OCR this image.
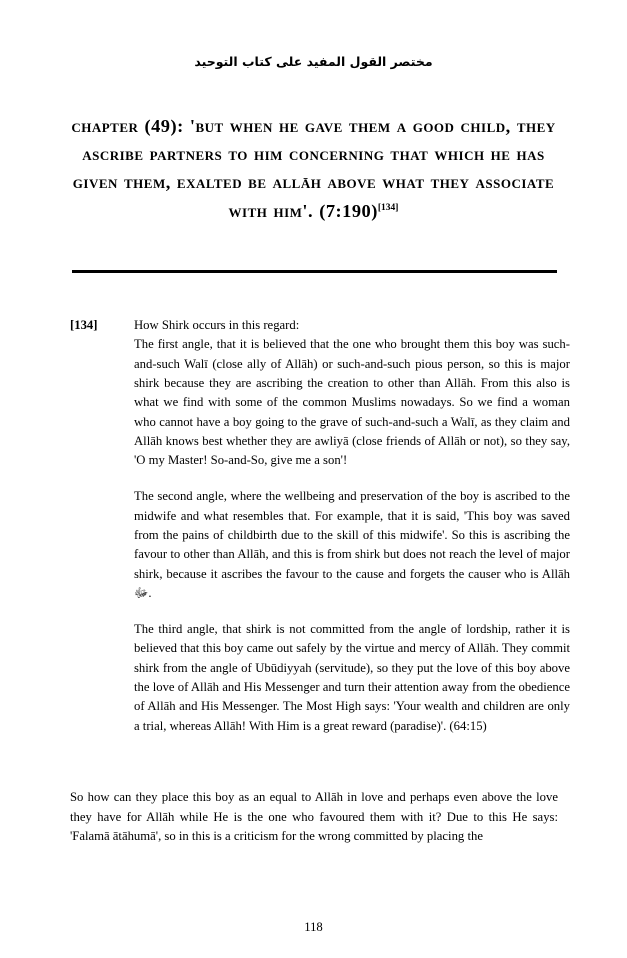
مختصر القول المفيد على كتاب التوحيد
chapter (49): 'but when he gave them a good child, they ascribe partners to him concerning that which he has given them, exalted be allāh above what they associate with him'. (7:190)[134]
[134]	How Shirk occurs in this regard:

The first angle, that it is believed that the one who brought them this boy was such-and-such Walī (close ally of Allāh) or such-and-such pious person, so this is major shirk because they are ascribing the creation to other than Allāh. From this also is what we find with some of the common Muslims nowadays. So we find a woman who cannot have a boy going to the grave of such-and-such a Walī, as they claim and Allāh knows best whether they are awliyā (close friends of Allāh or not), so they say, 'O my Master! So-and-So, give me a son'!

The second angle, where the wellbeing and preservation of the boy is ascribed to the midwife and what resembles that. For example, that it is said, 'This boy was saved from the pains of childbirth due to the skill of this midwife'. So this is ascribing the favour to other than Allāh, and this is from shirk but does not reach the level of major shirk, because it ascribes the favour to the cause and forgets the causer who is Allāh ﷻ.

The third angle, that shirk is not committed from the angle of lordship, rather it is believed that this boy came out safely by the virtue and mercy of Allāh. They commit shirk from the angle of Ubūdiyyah (servitude), so they put the love of this boy above the love of Allāh and His Messenger and turn their attention away from the obedience of Allāh and His Messenger. The Most High says: 'Your wealth and children are only a trial, whereas Allāh! With Him is a great reward (paradise)'. (64:15)

So how can they place this boy as an equal to Allāh in love and perhaps even above the love they have for Allāh while He is the one who favoured them with it? Due to this He says: 'Falamā ātāhumā', so in this is a criticism for the wrong committed by placing the

118
